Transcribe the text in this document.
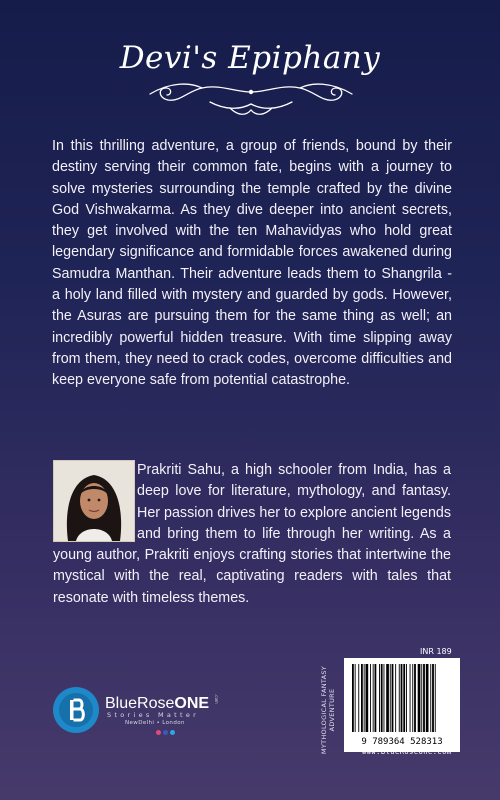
Devi's Epiphany

In this thrilling adventure, a group of friends, bound by their destiny serving their common fate, begins with a journey to solve mysteries surrounding the temple crafted by the divine God Vishwakarma. As they dive deeper into ancient secrets, they get involved with the ten Mahavidyas who hold great legendary significance and formidable forces awakened during Samudra Manthan. Their adventure leads them to Shangrila - a holy land filled with mystery and guarded by gods. However, the Asuras are pursuing them for the same thing as well; an incredibly powerful hidden treasure. With time slipping away from them, they need to crack codes, overcome difficulties and keep everyone safe from potential catastrophe.

Prakriti Sahu, a high schooler from India, has a deep love for literature, mythology, and fantasy. Her passion drives her to explore ancient legends and bring them to life through her writing. As a young author, Prakriti enjoys crafting stories that intertwine the mystical with the real, captivating readers with tales that resonate with timeless themes.

BlueRoseONE .com
Stories Matter
NewDelhi • London	MYTHOLOGICAL FANTASY ADVENTURE
INR 189
9 789364 528313
www.BlueRoseOne.com
